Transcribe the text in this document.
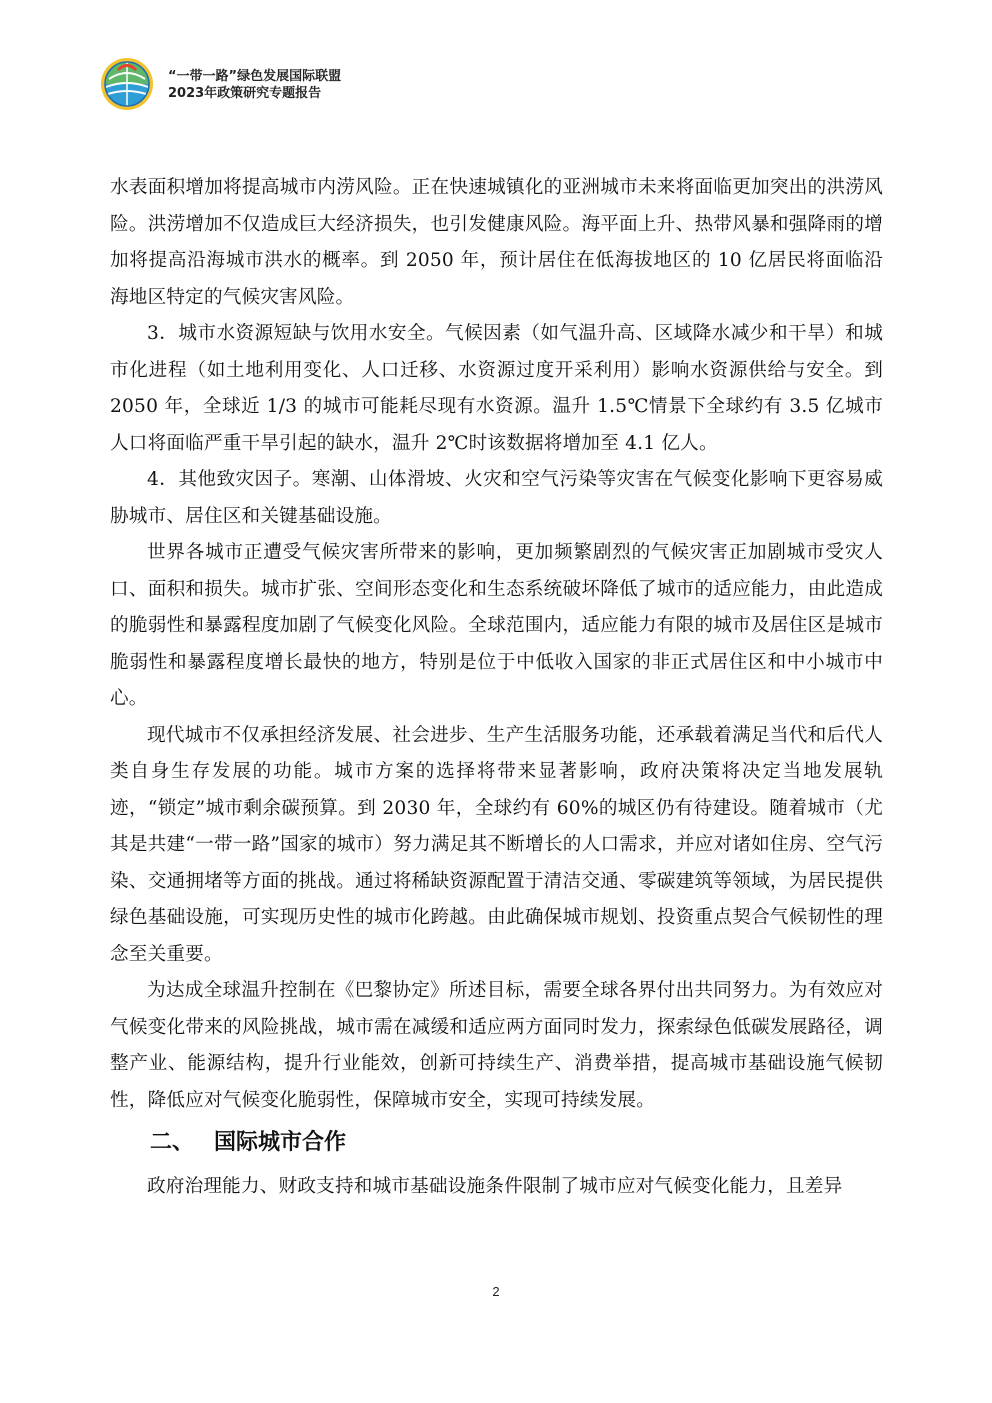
“一带一路”绿色发展国际联盟
2023年政策研究专题报告

水表面积增加将提高城市内涝风险。正在快速城镇化的亚洲城市未来将面临更加突出的洪涝风险。洪涝增加不仅造成巨大经济损失，也引发健康风险。海平面上升、热带风暴和强降雨的增加将提高沿海城市洪水的概率。到 2050 年，预计居住在低海拔地区的 10 亿居民将面临沿海地区特定的气候灾害风险。

3．城市水资源短缺与饮用水安全。气候因素（如气温升高、区域降水减少和干旱）和城市化进程（如土地利用变化、人口迁移、水资源过度开采利用）影响水资源供给与安全。到 2050 年，全球近 1/3 的城市可能耗尽现有水资源。温升 1.5℃情景下全球约有 3.5 亿城市人口将面临严重干旱引起的缺水，温升 2℃时该数据将增加至 4.1 亿人。

4．其他致灾因子。寒潮、山体滑坡、火灾和空气污染等灾害在气候变化影响下更容易威胁城市、居住区和关键基础设施。

世界各城市正遭受气候灾害所带来的影响，更加频繁剧烈的气候灾害正加剧城市受灾人口、面积和损失。城市扩张、空间形态变化和生态系统破坏降低了城市的适应能力，由此造成的脆弱性和暴露程度加剧了气候变化风险。全球范围内，适应能力有限的城市及居住区是城市脆弱性和暴露程度增长最快的地方，特别是位于中低收入国家的非正式居住区和中小城市中心。

现代城市不仅承担经济发展、社会进步、生产生活服务功能，还承载着满足当代和后代人类自身生存发展的功能。城市方案的选择将带来显著影响，政府决策将决定当地发展轨迹，“锁定”城市剩余碳预算。到 2030 年，全球约有 60%的城区仍有待建设。随着城市（尤其是共建“一带一路”国家的城市）努力满足其不断增长的人口需求，并应对诸如住房、空气污染、交通拥堵等方面的挑战。通过将稀缺资源配置于清洁交通、零碳建筑等领域，为居民提供绿色基础设施，可实现历史性的城市化跨越。由此确保城市规划、投资重点契合气候韧性的理念至关重要。

为达成全球温升控制在《巴黎协定》所述目标，需要全球各界付出共同努力。为有效应对气候变化带来的风险挑战，城市需在减缓和适应两方面同时发力，探索绿色低碳发展路径，调整产业、能源结构，提升行业能效，创新可持续生产、消费举措，提高城市基础设施气候韧性，降低应对气候变化脆弱性，保障城市安全，实现可持续发展。

二、 国际城市合作

政府治理能力、财政支持和城市基础设施条件限制了城市应对气候变化能力，且差异

2
